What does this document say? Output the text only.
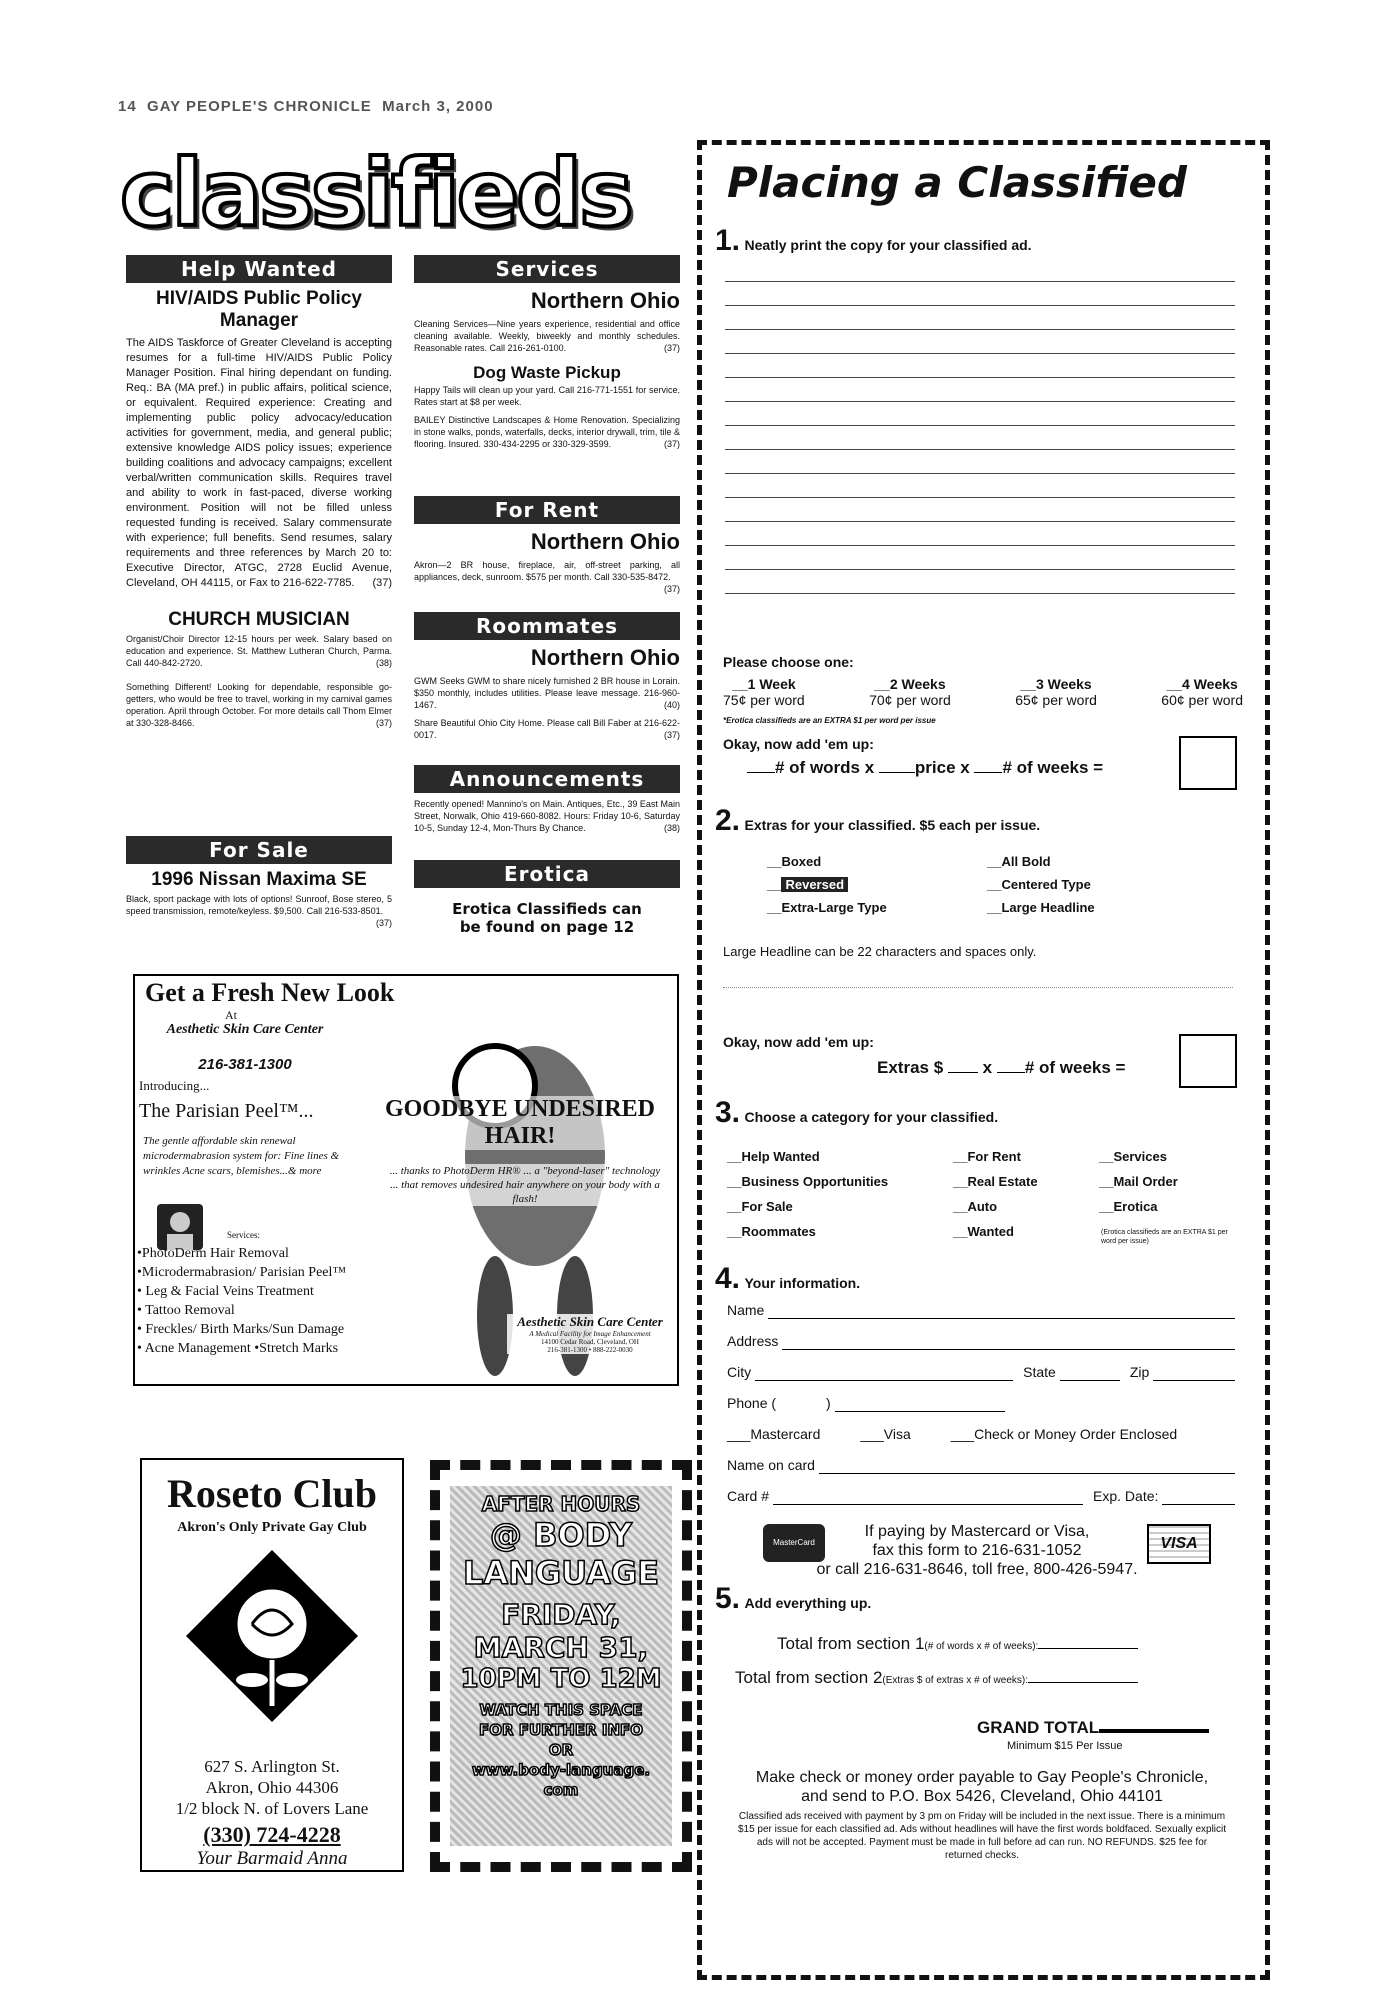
14 GAY PEOPLE'S CHRONICLE March 3, 2000
classifieds
Help Wanted
HIV/AIDS Public Policy Manager
The AIDS Taskforce of Greater Cleveland is accepting resumes for a full-time HIV/AIDS Public Policy Manager Position. Final hiring dependant on funding. Req.: BA (MA pref.) in public affairs, political science, or equivalent. Required experience: Creating and implementing public policy advocacy/education activities for government, media, and general public; extensive knowledge AIDS policy issues; experience building coalitions and advocacy campaigns; excellent verbal/written communication skills. Requires travel and ability to work in fast-paced, diverse working environment. Position will not be filled unless requested funding is received. Salary commensurate with experience; full benefits. Send resumes, salary requirements and three references by March 20 to: Executive Director, ATGC, 2728 Euclid Avenue, Cleveland, OH 44115, or Fax to 216-622-7785. (37)
CHURCH MUSICIAN
Organist/Choir Director 12-15 hours per week. Salary based on education and experience. St. Matthew Lutheran Church, Parma. Call 440-842-2720.	(38)
Something Different! Looking for dependable, responsible go-getters, who would be free to travel, working in my carnival games operation. April through October. For more details call Thom Elmer at 330-328-8466.	(37)
For Sale
1996 Nissan Maxima SE
Black, sport package with lots of options! Sunroof, Bose stereo, 5 speed transmission, remote/keyless. $9,500. Call 216-533-8501.
(37)
Services
Northern Ohio
Cleaning Services—Nine years experience, residential and office cleaning available. Weekly, biweekly and monthly schedules. Reasonable rates. Call 216-261-0100.	(37)
Dog Waste Pickup
Happy Tails will clean up your yard. Call 216-771-1551 for service. Rates start at $8 per week.
BAILEY Distinctive Landscapes & Home Renovation. Specializing in stone walks, ponds, waterfalls, decks, interior drywall, trim, tile & flooring. Insured. 330-434-2295 or 330-329-3599.	(37)
For Rent
Northern Ohio
Akron—2 BR house, fireplace, air, off-street parking, all appliances, deck, sunroom. $575 per month. Call 330-535-8472.
(37)
Roommates
Northern Ohio
GWM Seeks GWM to share nicely furnished 2 BR house in Lorain. $350 monthly, includes utilities. Please leave message. 216-960-1467.	(40)
Share Beautiful Ohio City Home. Please call Bill Faber at 216-622-0017.	(37)
Announcements
Recently opened! Mannino's on Main. Antiques, Etc., 39 East Main Street, Norwalk, Ohio 419-660-8082. Hours: Friday 10-6, Saturday 10-5, Sunday 12-4, Mon-Thurs By Chance.	(38)
Erotica
Erotica Classifieds can be found on page 12
Get a Fresh New Look
At
Aesthetic Skin Care Center
216-381-1300
Introducing...
The Parisian Peel™...
The gentle affordable skin renewal microdermabrasion system for: Fine lines & wrinkles Acne scars, blemishes...& more
Services:
•PhotoDerm Hair Removal
•Microdermabrasion/ Parisian Peel™
• Leg & Facial Veins Treatment
• Tattoo Removal
• Freckles/ Birth Marks/Sun Damage
• Acne Management •Stretch Marks
GOODBYE UNDESIRED HAIR!
... thanks to PhotoDerm HR® ... a "beyond-laser" technology ... that removes undesired hair anywhere on your body with a flash!
Aesthetic Skin Care Center
A Medical Facility for Image Enhancement
14100 Cedar Road, Cleveland, OH
216-381-1300 • 888-222-0030
Roseto Club
Akron's Only Private Gay Club
627 S. Arlington St.
Akron, Ohio 44306
1/2 block N. of Lovers Lane
(330) 724-4228
Your Barmaid Anna
AFTER HOURS
@ BODY
LANGUAGE
FRIDAY,
MARCH 31,
10PM TO 12M
WATCH THIS SPACE
FOR FURTHER INFO
OR
www.body-language.
com
Placing a Classified
1. Neatly print the copy for your classified ad.
Please choose one:
__1 Week
75¢ per word
__2 Weeks
70¢ per word
__3 Weeks
65¢ per word
__4 Weeks
60¢ per word
*Erotica classifieds are an EXTRA $1 per word per issue
Okay, now add 'em up:
# of words x price x # of weeks =
2. Extras for your classified. $5 each per issue.
__Boxed	__All Bold
__ Reversed	__Centered Type
__Extra-Large Type	__Large Headline
Large Headline can be 22 characters and spaces only.
Okay, now add 'em up:
Extras $ x # of weeks =
3. Choose a category for your classified.
__Help Wanted	__For Rent	__Services
__Business Opportunities	__Real Estate	__Mail Order
__For Sale	__Auto	__Erotica
__Roommates	__Wanted	(Erotica classifieds are an EXTRA $1 per word per issue)
4. Your information.
Name
Address
City	State	Zip
Phone (	)
___Mastercard	___Visa	___Check or Money Order Enclosed
Name on card
Card #	Exp. Date:
MasterCard	VISA
If paying by Mastercard or Visa,
fax this form to 216-631-1052
or call 216-631-8646, toll free, 800-426-5947.
5. Add everything up.
Total from section 1(# of words x # of weeks):
Total from section 2(Extras $ of extras x # of weeks):
GRAND TOTAL
Minimum $15 Per Issue
Make check or money order payable to Gay People's Chronicle,
and send to P.O. Box 5426, Cleveland, Ohio 44101
Classified ads received with payment by 3 pm on Friday will be included in the next issue. There is a minimum $15 per issue for each classified ad. Ads without headlines will have the first words boldfaced. Sexually explicit ads will not be accepted. Payment must be made in full before ad can run. NO REFUNDS. $25 fee for returned checks.
